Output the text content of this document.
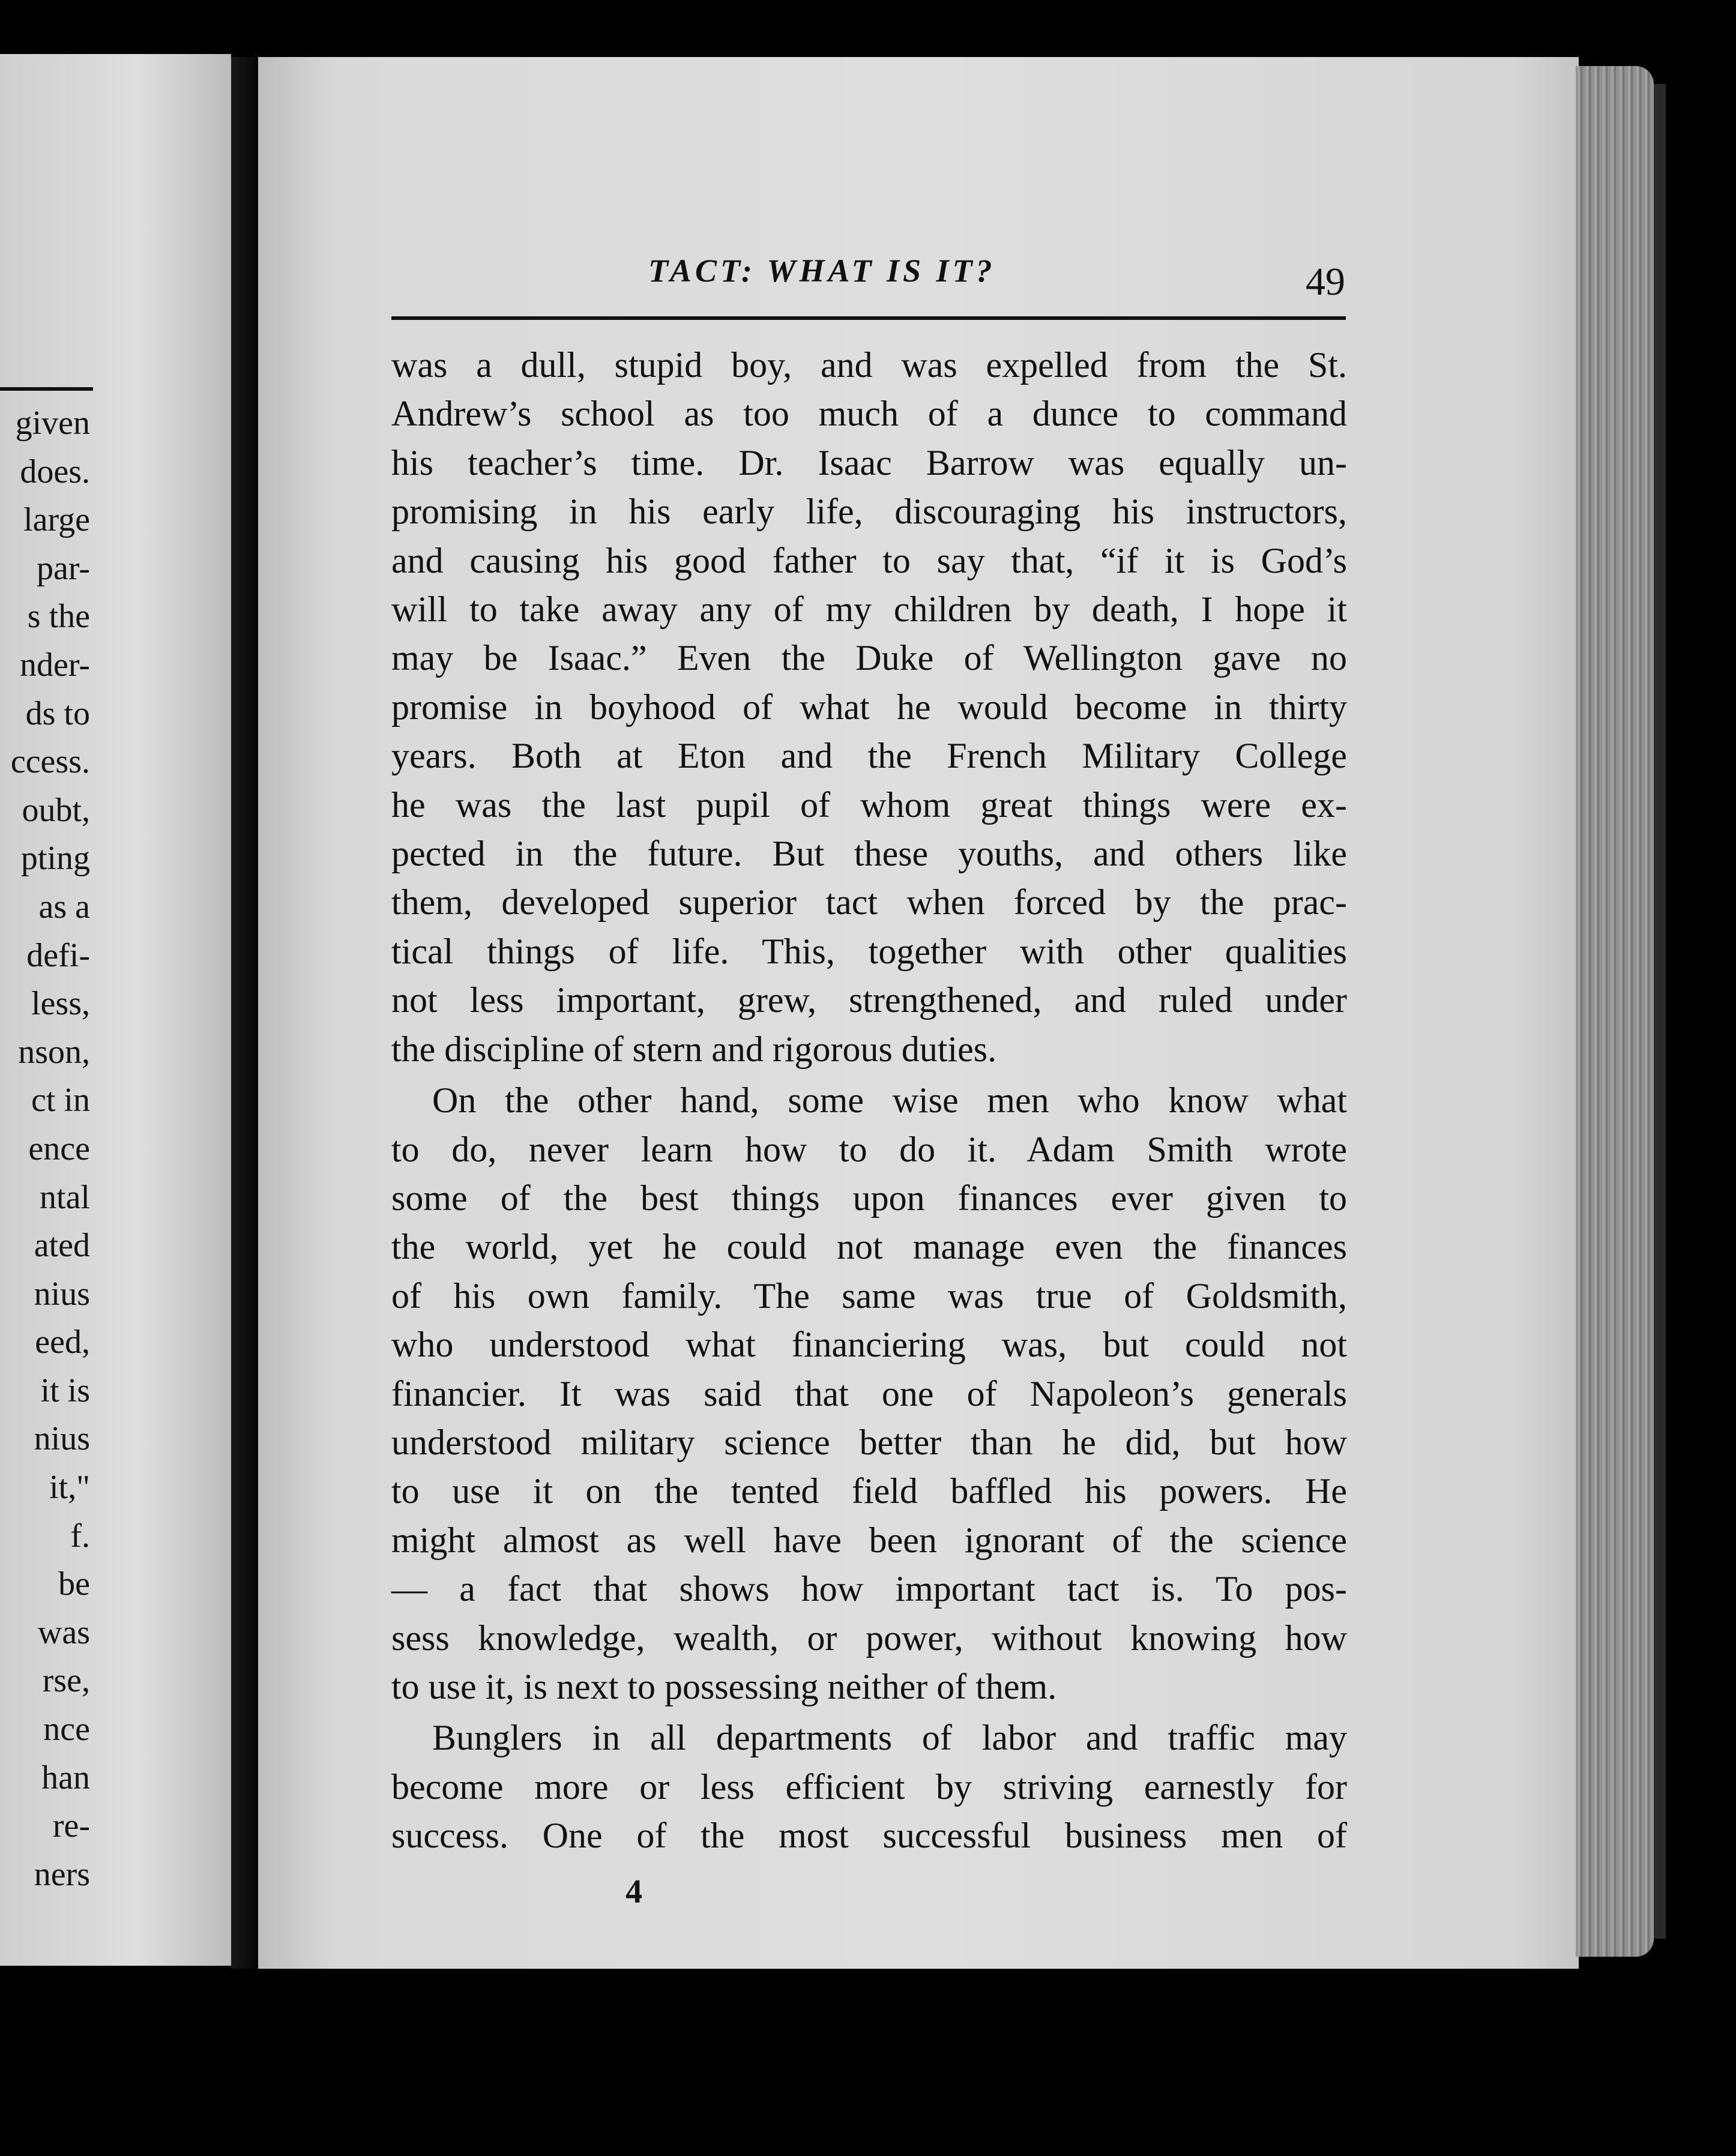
given
does.
large
par-
s the
nder-
ds to
ccess.
oubt,
pting
as a
defi-
less,
nson,
ct in
ence
ntal
ated
nius
eed,
it is
nius
it,"
f.
be
was
rse,
nce
han
re-
ners
TACT: WHAT IS IT?	49
was a dull, stupid boy, and was expelled from the St.
Andrew’s school as too much of a dunce to command
his teacher’s time. Dr. Isaac Barrow was equally un-
promising in his early life, discouraging his instructors,
and causing his good father to say that, “if it is God’s
will to take away any of my children by death, I hope it
may be Isaac.” Even the Duke of Wellington gave no
promise in boyhood of what he would become in thirty
years. Both at Eton and the French Military College
he was the last pupil of whom great things were ex-
pected in the future. But these youths, and others like
them, developed superior tact when forced by the prac-
tical things of life. This, together with other qualities
not less important, grew, strengthened, and ruled under
the discipline of stern and rigorous duties.
On the other hand, some wise men who know what
to do, never learn how to do it. Adam Smith wrote
some of the best things upon finances ever given to
the world, yet he could not manage even the finances
of his own family. The same was true of Goldsmith,
who understood what financiering was, but could not
financier. It was said that one of Napoleon’s generals
understood military science better than he did, but how
to use it on the tented field baffled his powers. He
might almost as well have been ignorant of the science
— a fact that shows how important tact is. To pos-
sess knowledge, wealth, or power, without knowing how
to use it, is next to possessing neither of them.
Bunglers in all departments of labor and traffic may
become more or less efficient by striving earnestly for
success. One of the most successful business men of
4
